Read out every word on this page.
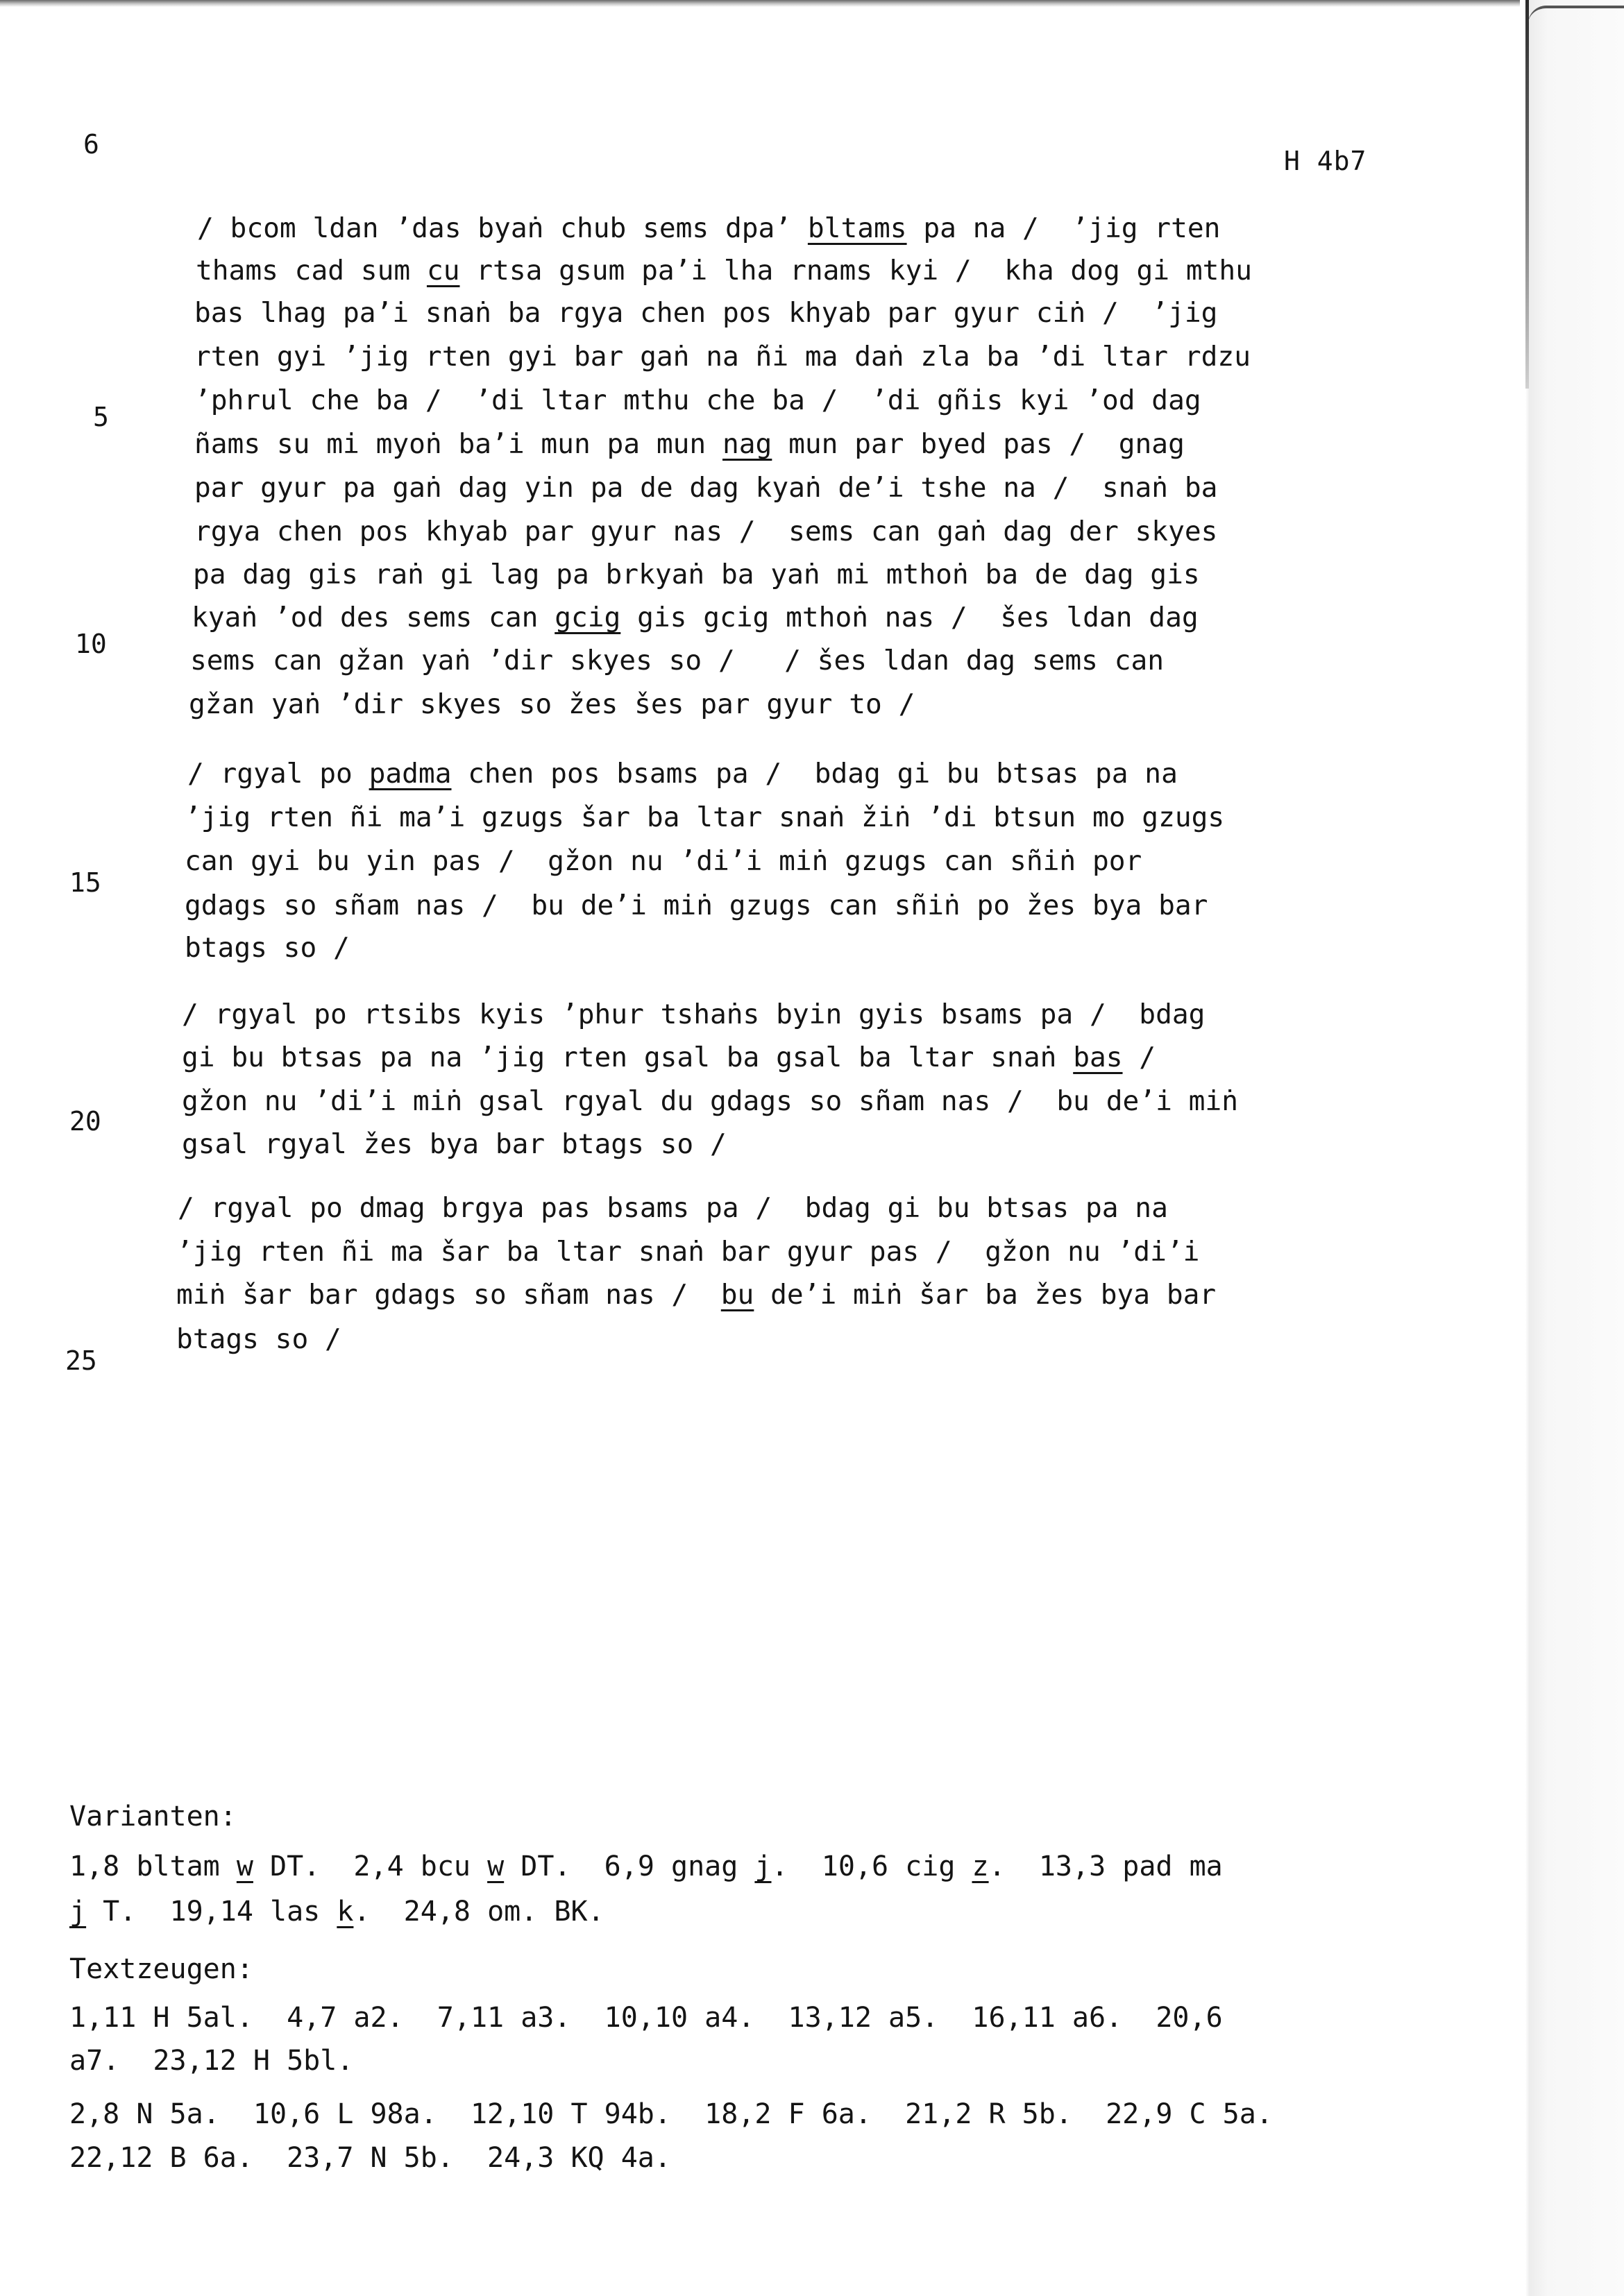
6
H 4b7
/ bcom ldan ’das byaṅ chub sems dpa’ bltams pa na /  ’jig rten
thams cad sum cu rtsa gsum pa’i lha rnams kyi /  kha dog gi mthu
bas lhag pa’i snaṅ ba rgya chen pos khyab par gyur ciṅ /  ’jig
rten gyi ’jig rten gyi bar gaṅ na ñi ma daṅ zla ba ’di ltar rdzu
’phrul che ba /  ’di ltar mthu che ba /  ’di gñis kyi ’od dag
ñams su mi myoṅ ba’i mun pa mun nag mun par byed pas /  gnag
par gyur pa gaṅ dag yin pa de dag kyaṅ de’i tshe na /  snaṅ ba
rgya chen pos khyab par gyur nas /  sems can gaṅ dag der skyes
pa dag gis raṅ gi lag pa brkyaṅ ba yaṅ mi mthoṅ ba de dag gis
kyaṅ ’od des sems can gcig gis gcig mthoṅ nas /  šes ldan dag
sems can gžan yaṅ ’dir skyes so /   / šes ldan dag sems can
gžan yaṅ ’dir skyes so žes šes par gyur to /
/ rgyal po padma chen pos bsams pa /  bdag gi bu btsas pa na
’jig rten ñi ma’i gzugs šar ba ltar snaṅ žiṅ ’di btsun mo gzugs
can gyi bu yin pas /  gžon nu ’di’i miṅ gzugs can sñiṅ por
gdags so sñam nas /  bu de’i miṅ gzugs can sñiṅ po žes bya bar
btags so /
/ rgyal po rtsibs kyis ’phur tshaṅs byin gyis bsams pa /  bdag
gi bu btsas pa na ’jig rten gsal ba gsal ba ltar snaṅ bas /
gžon nu ’di’i miṅ gsal rgyal du gdags so sñam nas /  bu de’i miṅ
gsal rgyal žes bya bar btags so /
/ rgyal po dmag brgya pas bsams pa /  bdag gi bu btsas pa na
’jig rten ñi ma šar ba ltar snaṅ bar gyur pas /  gžon nu ’di’i
miṅ šar bar gdags so sñam nas /  bu de’i miṅ šar ba žes bya bar
btags so /
5
10
15
20
25
Varianten:
1,8 bltam w DT.  2,4 bcu w DT.  6,9 gnag j.  10,6 cig z.  13,3 pad ma
j T.  19,14 las k.  24,8 om. BK.
Textzeugen:
1,11 H 5al.  4,7 a2.  7,11 a3.  10,10 a4.  13,12 a5.  16,11 a6.  20,6
a7.  23,12 H 5bl.
2,8 N 5a.  10,6 L 98a.  12,10 T 94b.  18,2 F 6a.  21,2 R 5b.  22,9 C 5a.
22,12 B 6a.  23,7 N 5b.  24,3 KQ 4a.
